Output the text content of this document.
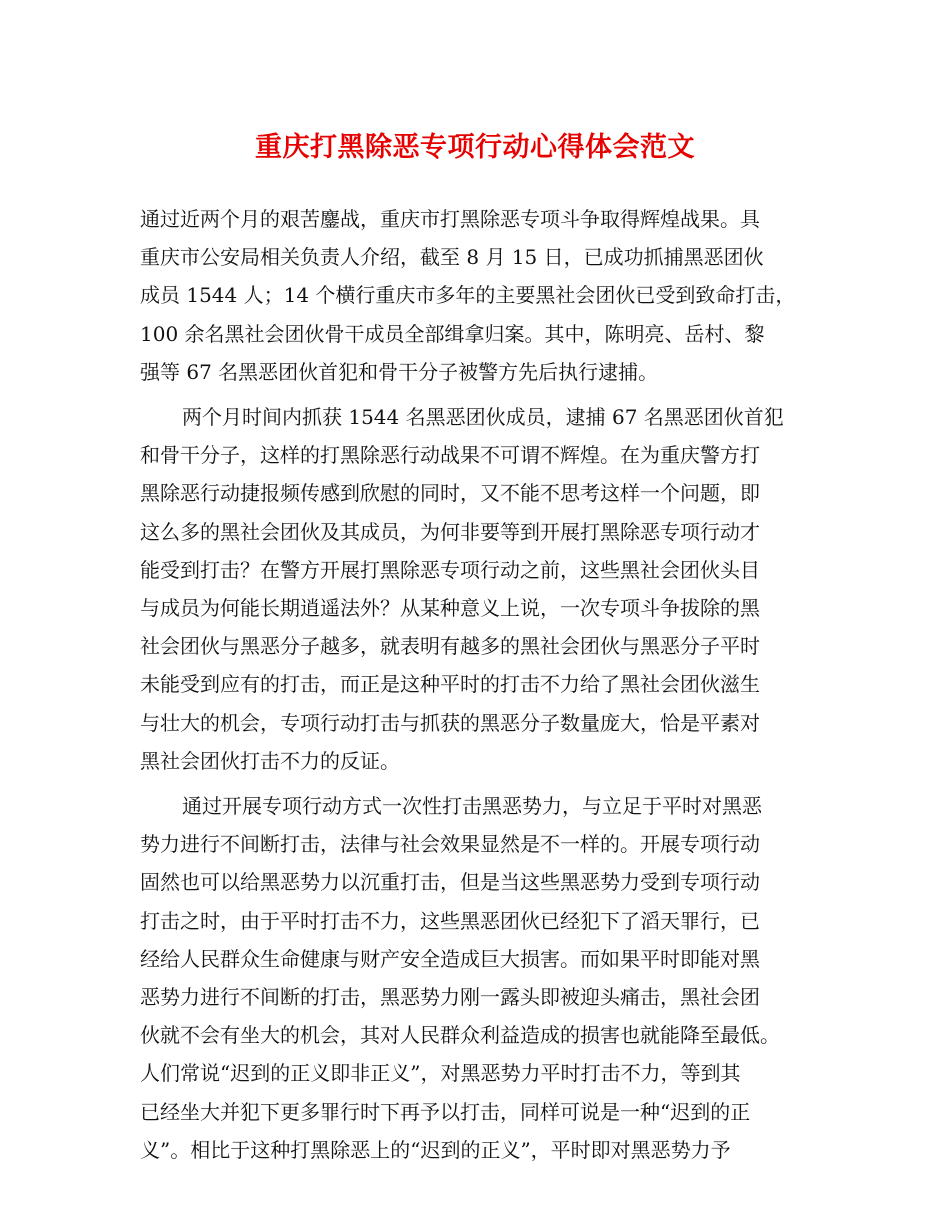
重庆打黑除恶专项行动心得体会范文

通过近两个月的艰苦鏖战，重庆市打黑除恶专项斗争取得辉煌战果。具
重庆市公安局相关负责人介绍，截至 8 月 15 日，已成功抓捕黑恶团伙
成员 1544 人；14 个横行重庆市多年的主要黑社会团伙已受到致命打击，
100 余名黑社会团伙骨干成员全部缉拿归案。其中，陈明亮、岳村、黎
强等 67 名黑恶团伙首犯和骨干分子被警方先后执行逮捕。

两个月时间内抓获 1544 名黑恶团伙成员，逮捕 67 名黑恶团伙首犯
和骨干分子，这样的打黑除恶行动战果不可谓不辉煌。在为重庆警方打
黑除恶行动捷报频传感到欣慰的同时，又不能不思考这样一个问题，即
这么多的黑社会团伙及其成员，为何非要等到开展打黑除恶专项行动才
能受到打击？在警方开展打黑除恶专项行动之前，这些黑社会团伙头目
与成员为何能长期逍遥法外？从某种意义上说，一次专项斗争拔除的黑
社会团伙与黑恶分子越多，就表明有越多的黑社会团伙与黑恶分子平时
未能受到应有的打击，而正是这种平时的打击不力给了黑社会团伙滋生
与壮大的机会，专项行动打击与抓获的黑恶分子数量庞大，恰是平素对
黑社会团伙打击不力的反证。

通过开展专项行动方式一次性打击黑恶势力，与立足于平时对黑恶
势力进行不间断打击，法律与社会效果显然是不一样的。开展专项行动
固然也可以给黑恶势力以沉重打击，但是当这些黑恶势力受到专项行动
打击之时，由于平时打击不力，这些黑恶团伙已经犯下了滔天罪行，已
经给人民群众生命健康与财产安全造成巨大损害。而如果平时即能对黑
恶势力进行不间断的打击，黑恶势力刚一露头即被迎头痛击，黑社会团
伙就不会有坐大的机会，其对人民群众利益造成的损害也就能降至最低。
人们常说“迟到的正义即非正义”，对黑恶势力平时打击不力，等到其
已经坐大并犯下更多罪行时下再予以打击，同样可说是一种“迟到的正
义”。相比于这种打黑除恶上的“迟到的正义”，平时即对黑恶势力予
